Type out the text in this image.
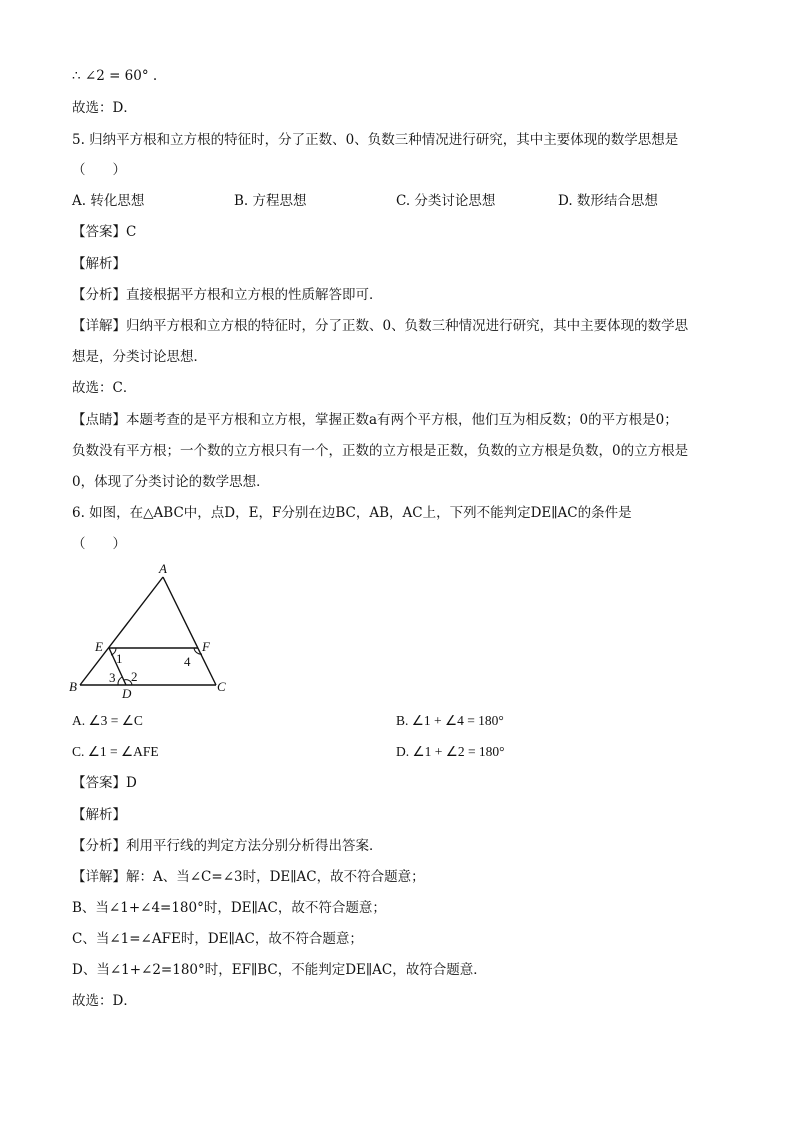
∴ ∠2 = 60° .
故选：D．
5. 归纳平方根和立方根的特征时，分了正数、0、负数三种情况进行研究，其中主要体现的数学思想是
（　　）
A. 转化思想	B. 方程思想	C. 分类讨论思想	D. 数形结合思想
【答案】C
【解析】
【分析】直接根据平方根和立方根的性质解答即可．
【详解】归纳平方根和立方根的特征时，分了正数、0、负数三种情况进行研究，其中主要体现的数学思
想是，分类讨论思想．
故选：C．
【点睛】本题考查的是平方根和立方根，掌握正数a有两个平方根，他们互为相反数；0的平方根是0；
负数没有平方根；一个数的立方根只有一个，正数的立方根是正数，负数的立方根是负数，0的立方根是
0，体现了分类讨论的数学思想．
6. 如图，在△ABC中，点D，E，F分别在边BC，AB，AC上，下列不能判定DE∥AC的条件是
（　　）
A
B	C
D
E	F
1
2
3
4
A. ∠3 = ∠C	B. ∠1 + ∠4 = 180°
C. ∠1 = ∠AFE	D. ∠1 + ∠2 = 180°
【答案】D
【解析】
【分析】利用平行线的判定方法分别分析得出答案．
【详解】解：A、当∠C=∠3时，DE∥AC，故不符合题意；
B、当∠1+∠4=180°时，DE∥AC，故不符合题意；
C、当∠1=∠AFE时，DE∥AC，故不符合题意；
D、当∠1+∠2=180°时，EF∥BC，不能判定DE∥AC，故符合题意．
故选：D．
